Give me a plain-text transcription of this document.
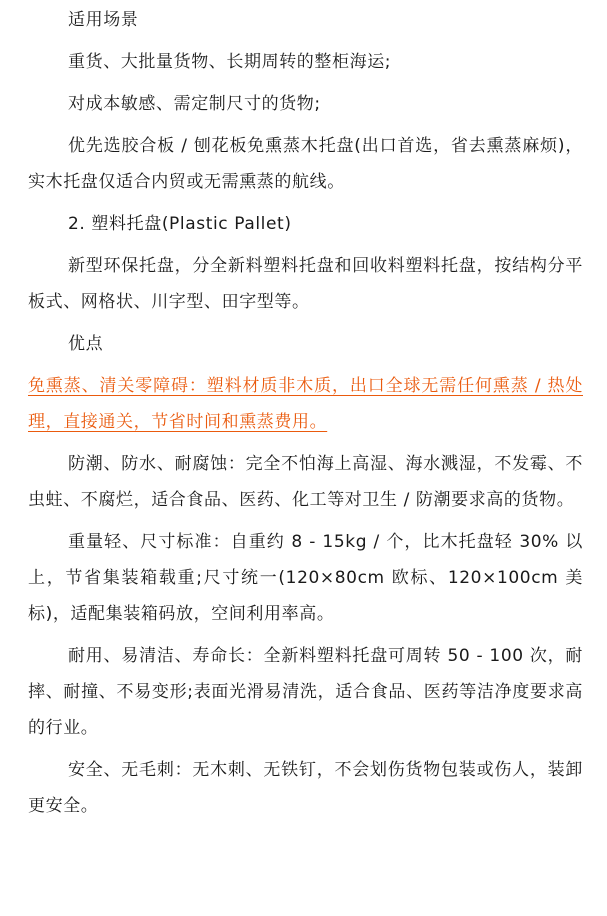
适用场景

重货、大批量货物、长期周转的整柜海运;

对成本敏感、需定制尺寸的货物;

优先选胶合板 / 刨花板免熏蒸木托盘(出口首选，省去熏蒸麻烦)，实木托盘仅适合内贸或无需熏蒸的航线。

2. 塑料托盘(Plastic Pallet)

新型环保托盘，分全新料塑料托盘和回收料塑料托盘，按结构分平板式、网格状、川字型、田字型等。

优点

免熏蒸、清关零障碍：塑料材质非木质，出口全球无需任何熏蒸 / 热处理，直接通关，节省时间和熏蒸费用。

防潮、防水、耐腐蚀：完全不怕海上高湿、海水溅湿，不发霉、不虫蛀、不腐烂，适合食品、医药、化工等对卫生 / 防潮要求高的货物。

重量轻、尺寸标准：自重约 8 - 15kg / 个，比木托盘轻 30% 以上，节省集装箱载重;尺寸统一(120×80cm 欧标、120×100cm 美标)，适配集装箱码放，空间利用率高。

耐用、易清洁、寿命长：全新料塑料托盘可周转 50 - 100 次，耐摔、耐撞、不易变形;表面光滑易清洗，适合食品、医药等洁净度要求高的行业。

安全、无毛刺：无木刺、无铁钉，不会划伤货物包装或伤人，装卸更安全。
